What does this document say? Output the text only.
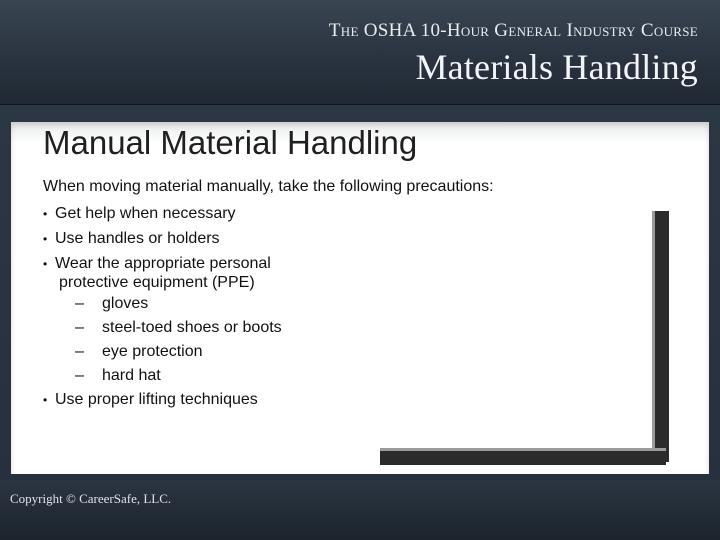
The OSHA 10-Hour General Industry Course
Materials Handling
Manual Material Handling
When moving material manually, take the following precautions:
• Get help when necessary
• Use handles or holders
• Wear the appropriate personal
protective equipment (PPE)
– gloves
– steel-toed shoes or boots
– eye protection
– hard hat
• Use proper lifting techniques
Copyright © CareerSafe, LLC.
